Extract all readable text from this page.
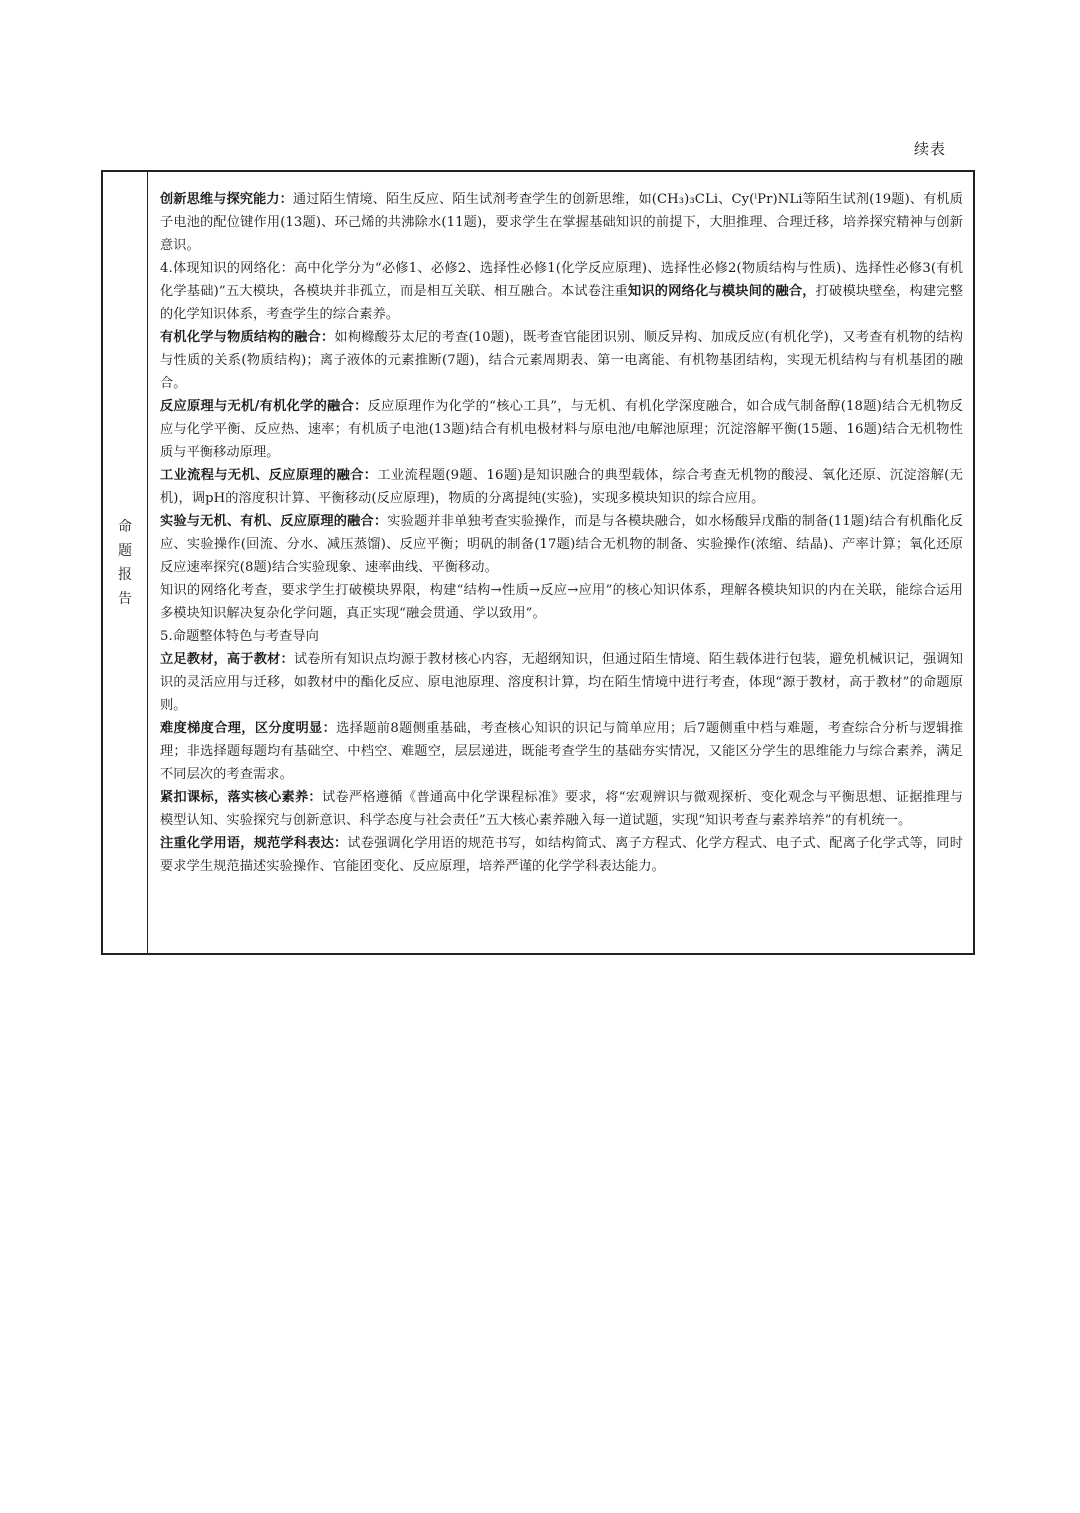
续表
命
题
报
告

创新思维与探究能力：通过陌生情境、陌生反应、陌生试剂考查学生的创新思维，如(CH₃)₃CLi、Cy(ⁱPr)NLi等陌生试剂(19题)、有机质子电池的配位键作用(13题)、环己烯的共沸除水(11题)，要求学生在掌握基础知识的前提下，大胆推理、合理迁移，培养探究精神与创新意识。

4.体现知识的网络化：高中化学分为“必修1、必修2、选择性必修1(化学反应原理)、选择性必修2(物质结构与性质)、选择性必修3(有机化学基础)”五大模块，各模块并非孤立，而是相互关联、相互融合。本试卷注重知识的网络化与模块间的融合，打破模块壁垒，构建完整的化学知识体系，考查学生的综合素养。

有机化学与物质结构的融合：如枸橼酸芬太尼的考查(10题)，既考查官能团识别、顺反异构、加成反应(有机化学)，又考查有机物的结构与性质的关系(物质结构)；离子液体的元素推断(7题)，结合元素周期表、第一电离能、有机物基团结构，实现无机结构与有机基团的融合。

反应原理与无机/有机化学的融合：反应原理作为化学的“核心工具”，与无机、有机化学深度融合，如合成气制备醇(18题)结合无机物反应与化学平衡、反应热、速率；有机质子电池(13题)结合有机电极材料与原电池/电解池原理；沉淀溶解平衡(15题、16题)结合无机物性质与平衡移动原理。

工业流程与无机、反应原理的融合：工业流程题(9题、16题)是知识融合的典型载体，综合考查无机物的酸浸、氧化还原、沉淀溶解(无机)，调pH的溶度积计算、平衡移动(反应原理)，物质的分离提纯(实验)，实现多模块知识的综合应用。

实验与无机、有机、反应原理的融合：实验题并非单独考查实验操作，而是与各模块融合，如水杨酸异戊酯的制备(11题)结合有机酯化反应、实验操作(回流、分水、减压蒸馏)、反应平衡；明矾的制备(17题)结合无机物的制备、实验操作(浓缩、结晶)、产率计算；氧化还原反应速率探究(8题)结合实验现象、速率曲线、平衡移动。

知识的网络化考查，要求学生打破模块界限，构建“结构→性质→反应→应用”的核心知识体系，理解各模块知识的内在关联，能综合运用多模块知识解决复杂化学问题，真正实现“融会贯通、学以致用”。

5.命题整体特色与考查导向

立足教材，高于教材：试卷所有知识点均源于教材核心内容，无超纲知识，但通过陌生情境、陌生载体进行包装，避免机械识记，强调知识的灵活应用与迁移，如教材中的酯化反应、原电池原理、溶度积计算，均在陌生情境中进行考查，体现“源于教材，高于教材”的命题原则。

难度梯度合理，区分度明显：选择题前8题侧重基础，考查核心知识的识记与简单应用；后7题侧重中档与难题，考查综合分析与逻辑推理；非选择题每题均有基础空、中档空、难题空，层层递进，既能考查学生的基础夯实情况，又能区分学生的思维能力与综合素养，满足不同层次的考查需求。

紧扣课标，落实核心素养：试卷严格遵循《普通高中化学课程标准》要求，将“宏观辨识与微观探析、变化观念与平衡思想、证据推理与模型认知、实验探究与创新意识、科学态度与社会责任”五大核心素养融入每一道试题，实现“知识考查与素养培养”的有机统一。

注重化学用语，规范学科表达：试卷强调化学用语的规范书写，如结构简式、离子方程式、化学方程式、电子式、配离子化学式等，同时要求学生规范描述实验操作、官能团变化、反应原理，培养严谨的化学学科表达能力。
